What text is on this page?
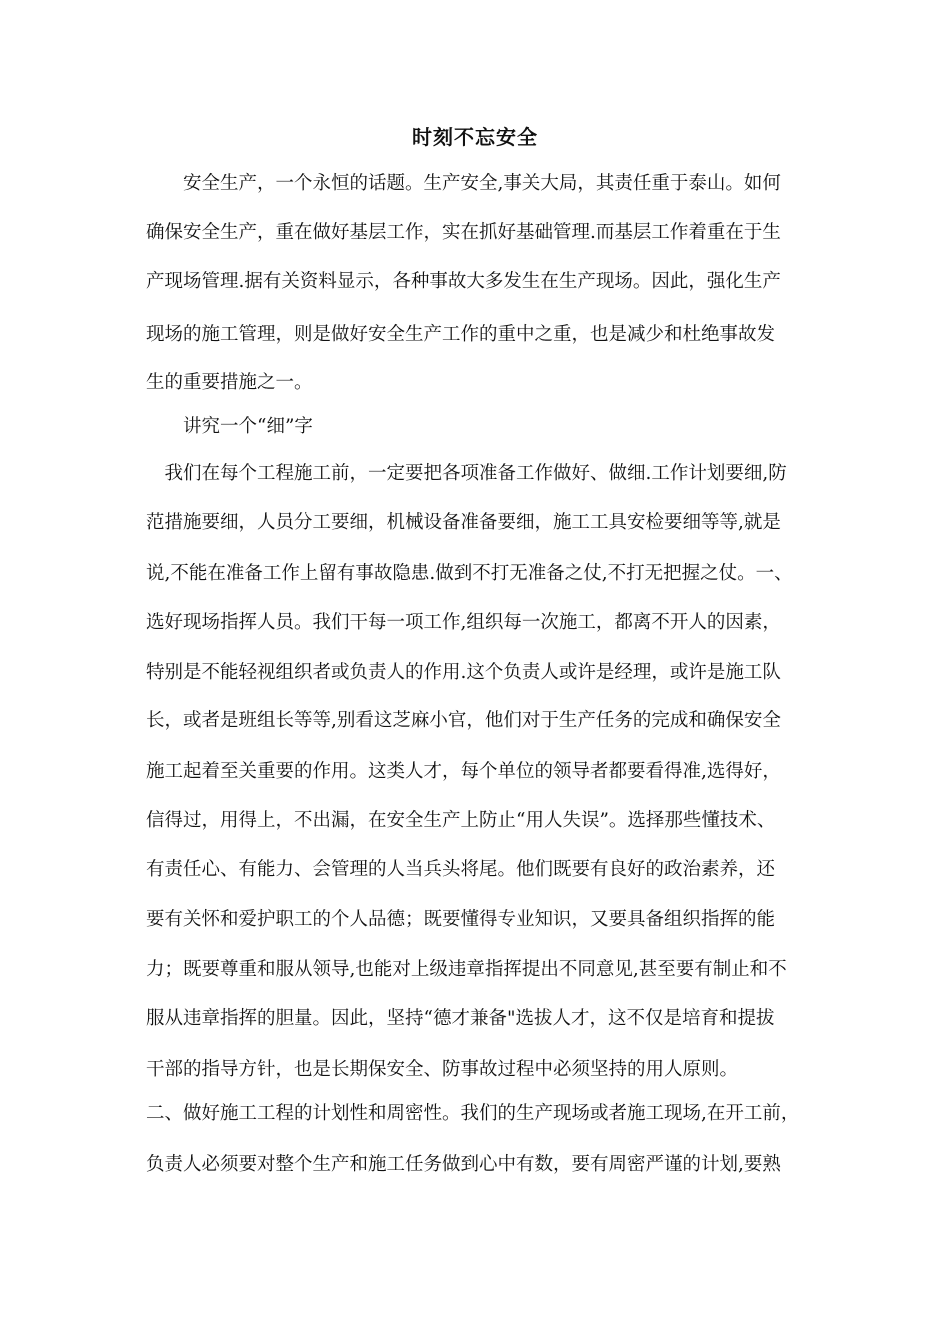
时刻不忘安全
　　安全生产，一个永恒的话题。生产安全,事关大局，其责任重于泰山。如何
确保安全生产，重在做好基层工作，实在抓好基础管理.而基层工作着重在于生
产现场管理.据有关资料显示，各种事故大多发生在生产现场。因此，强化生产
现场的施工管理，则是做好安全生产工作的重中之重，也是减少和杜绝事故发
生的重要措施之一。
　　讲究一个“细”字
　我们在每个工程施工前，一定要把各项准备工作做好、做细.工作计划要细,防
范措施要细，人员分工要细，机械设备准备要细，施工工具安检要细等等,就是
说,不能在准备工作上留有事故隐患.做到不打无准备之仗,不打无把握之仗。一、
选好现场指挥人员。我们干每一项工作,组织每一次施工，都离不开人的因素，
特别是不能轻视组织者或负责人的作用.这个负责人或许是经理，或许是施工队
长，或者是班组长等等,别看这芝麻小官，他们对于生产任务的完成和确保安全
施工起着至关重要的作用。这类人才，每个单位的领导者都要看得准,选得好，
信得过，用得上，不出漏，在安全生产上防止“用人失误”。选择那些懂技术、
有责任心、有能力、会管理的人当兵头将尾。他们既要有良好的政治素养，还
要有关怀和爱护职工的个人品德；既要懂得专业知识，又要具备组织指挥的能
力；既要尊重和服从领导,也能对上级违章指挥提出不同意见,甚至要有制止和不
服从违章指挥的胆量。因此，坚持“德才兼备"选拔人才，这不仅是培育和提拔
干部的指导方针，也是长期保安全、防事故过程中必须坚持的用人原则。
二、做好施工工程的计划性和周密性。我们的生产现场或者施工现场,在开工前，
负责人必须要对整个生产和施工任务做到心中有数，要有周密严谨的计划,要熟
